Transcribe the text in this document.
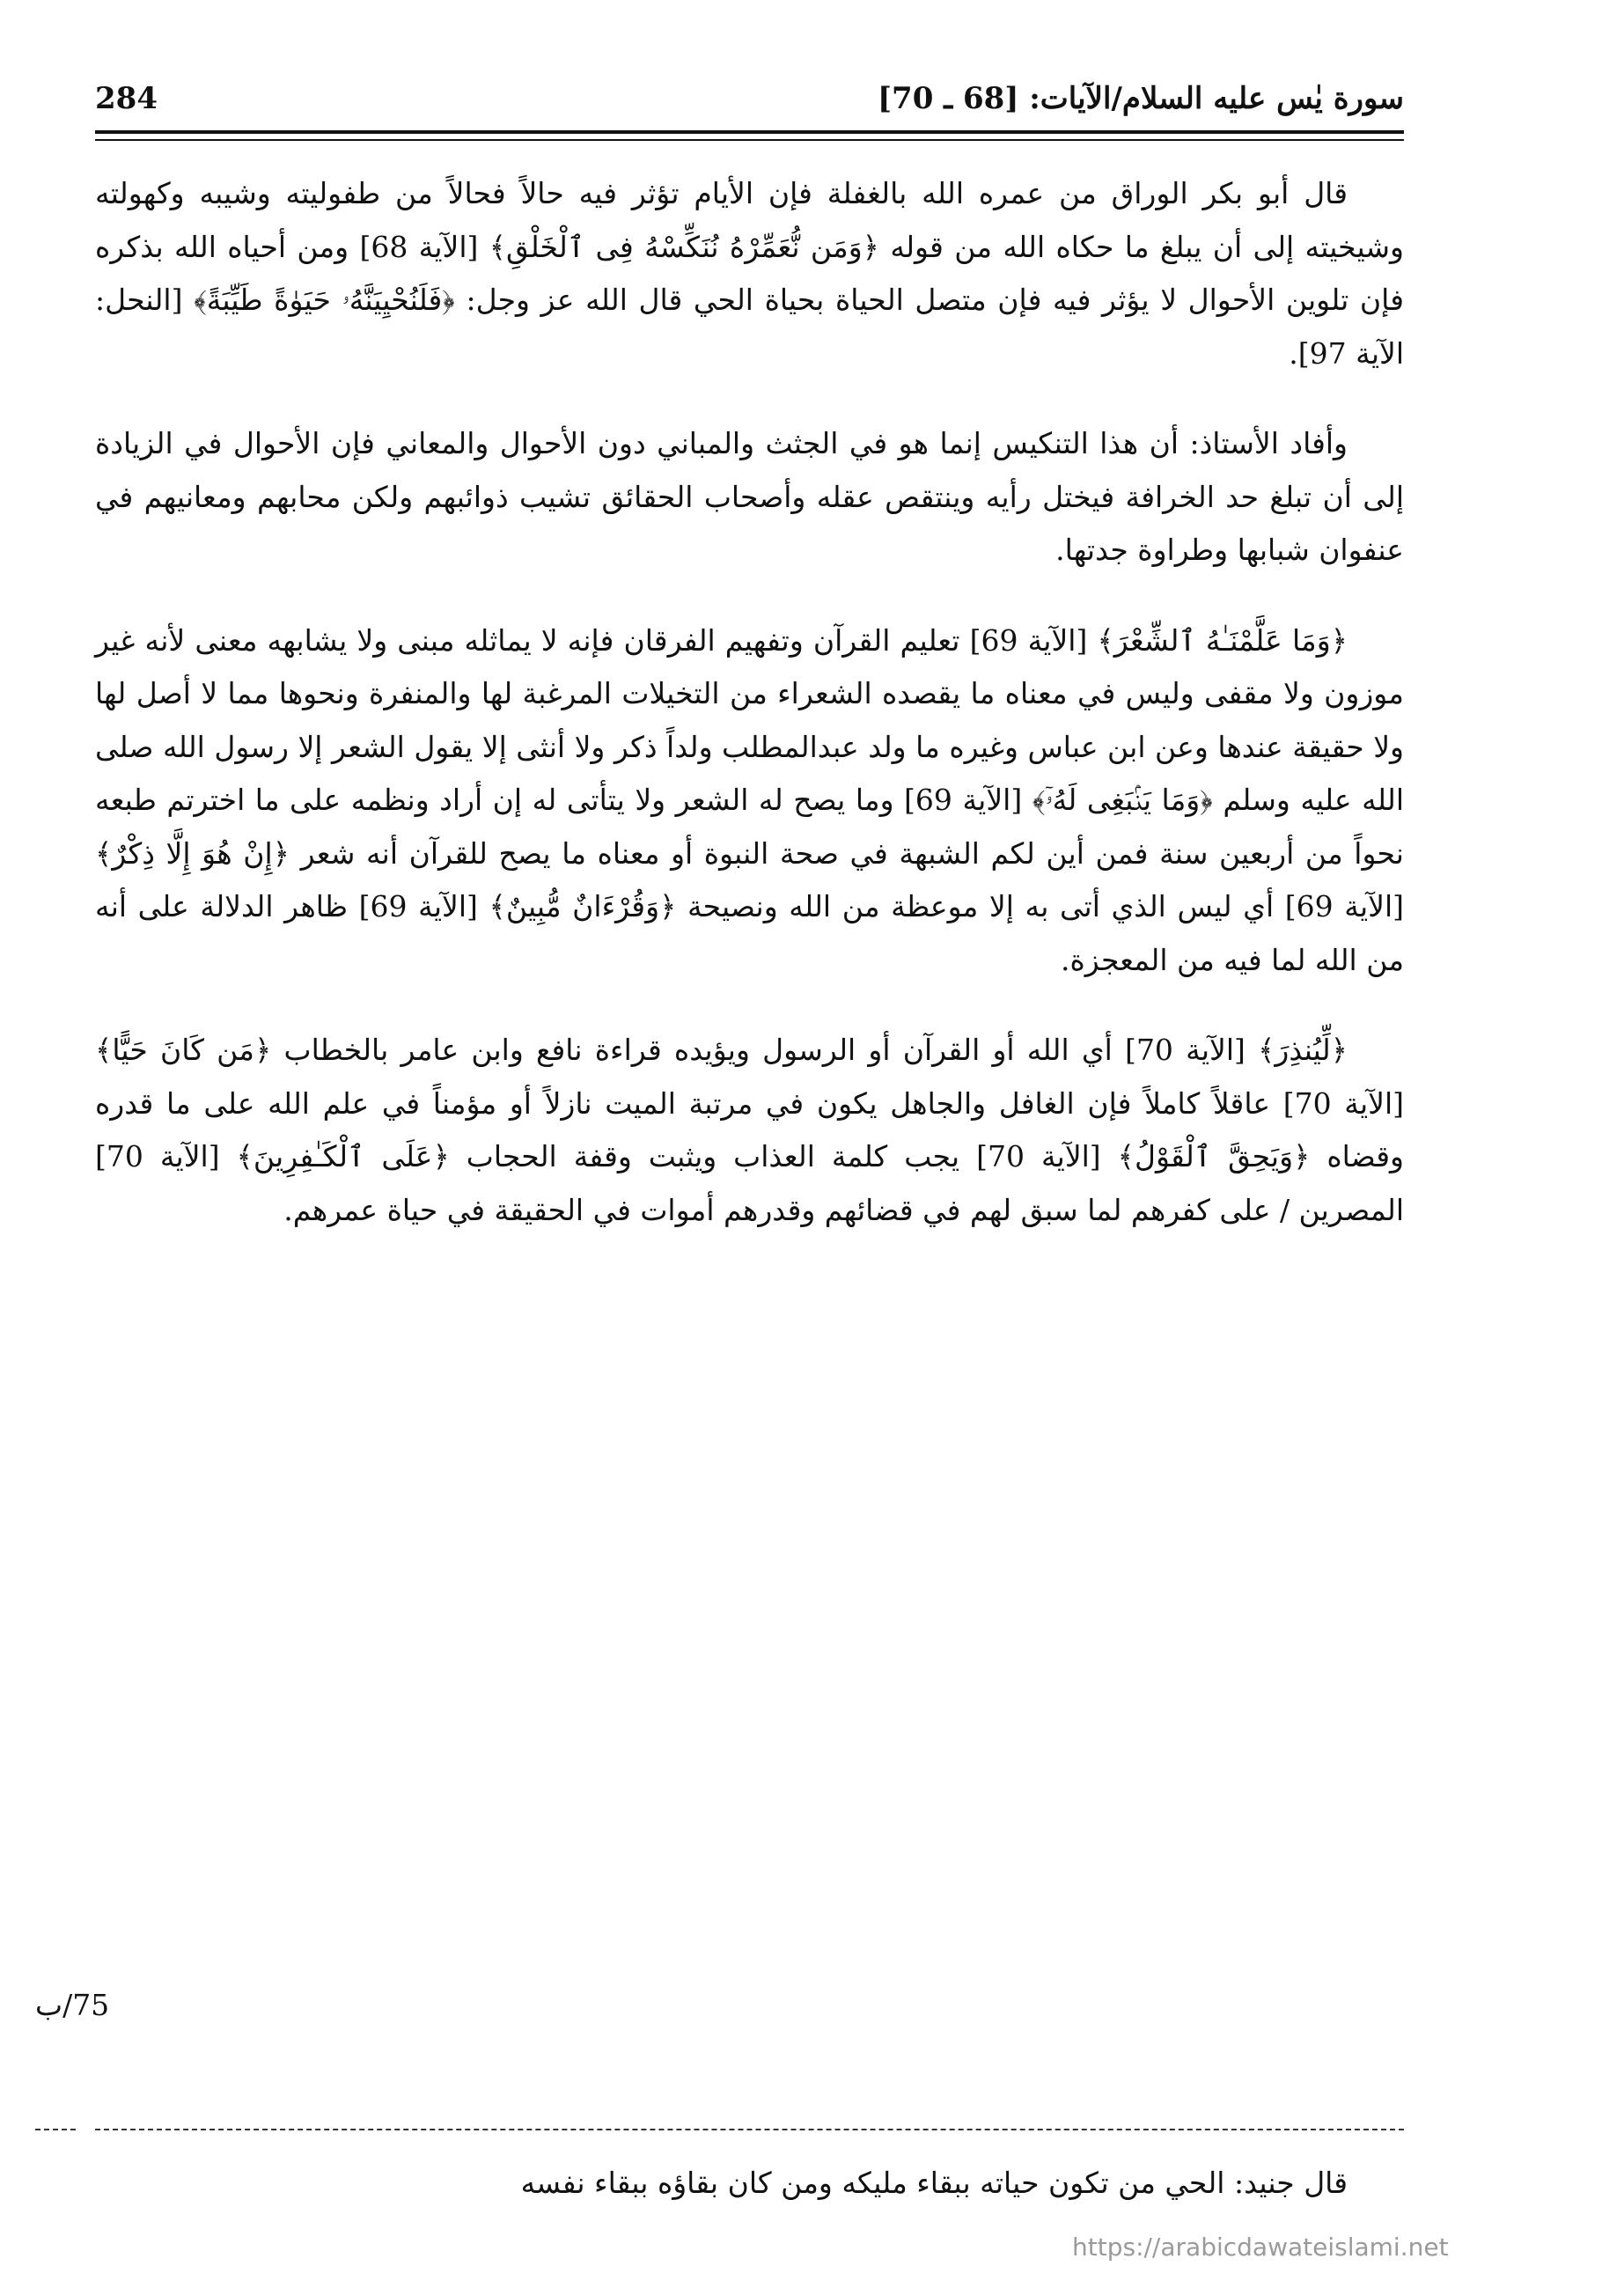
سورة يٰس عليه السلام/الآيات: [68 ـ 70]
284

قال أبو بكر الوراق من عمره الله بالغفلة فإن الأيام تؤثر فيه حالاً فحالاً من طفوليته وشيبه وكهولته وشيخيته إلى أن يبلغ ما حكاه الله من قوله ﴿وَمَن نُّعَمِّرْهُ نُنَكِّسْهُ فِى ٱلْخَلْقِ﴾ [الآية 68] ومن أحياه الله بذكره فإن تلوين الأحوال لا يؤثر فيه فإن متصل الحياة بحياة الحي قال الله عز وجل: ﴿فَلَنُحْيِيَنَّهُۥ حَيَوٰةً طَيِّبَةً﴾ [النحل: الآية 97].

وأفاد الأستاذ: أن هذا التنكيس إنما هو في الجثث والمباني دون الأحوال والمعاني فإن الأحوال في الزيادة إلى أن تبلغ حد الخرافة فيختل رأيه وينتقص عقله وأصحاب الحقائق تشيب ذوائبهم ولكن محابهم ومعانيهم في عنفوان شبابها وطراوة جدتها.

﴿وَمَا عَلَّمْنَـٰهُ ٱلشِّعْرَ﴾ [الآية 69] تعليم القرآن وتفهيم الفرقان فإنه لا يماثله مبنى ولا يشابهه معنى لأنه غير موزون ولا مقفى وليس في معناه ما يقصده الشعراء من التخيلات المرغبة لها والمنفرة ونحوها مما لا أصل لها ولا حقيقة عندها وعن ابن عباس وغيره ما ولد عبدالمطلب ولداً ذكر ولا أنثى إلا يقول الشعر إلا رسول الله صلى الله عليه وسلم ﴿وَمَا يَنۢبَغِى لَهُۥٓ﴾ [الآية 69] وما يصح له الشعر ولا يتأتى له إن أراد ونظمه على ما اخترتم طبعه نحواً من أربعين سنة فمن أين لكم الشبهة في صحة النبوة أو معناه ما يصح للقرآن أنه شعر ﴿إِنْ هُوَ إِلَّا ذِكْرٌ﴾ [الآية 69] أي ليس الذي أتى به إلا موعظة من الله ونصيحة ﴿وَقُرْءَانٌ مُّبِينٌ﴾ [الآية 69] ظاهر الدلالة على أنه من الله لما فيه من المعجزة.

﴿لِّيُنذِرَ﴾ [الآية 70] أي الله أو القرآن أو الرسول ويؤيده قراءة نافع وابن عامر بالخطاب ﴿مَن كَانَ حَيًّا﴾ [الآية 70] عاقلاً كاملاً فإن الغافل والجاهل يكون في مرتبة الميت نازلاً أو مؤمناً في علم الله على ما قدره وقضاه ﴿وَيَحِقَّ ٱلْقَوْلُ﴾ [الآية 70] يجب كلمة العذاب ويثبت وقفة الحجاب ﴿عَلَى ٱلْكَـٰفِرِينَ﴾ [الآية 70] المصرين / على كفرهم لما سبق لهم في قضائهم وقدرهم أموات في الحقيقة في حياة عمرهم.

75/ب
قال جنيد: الحي من تكون حياته ببقاء مليكه ومن كان بقاؤه ببقاء نفسه
https://arabicdawateislami.net
